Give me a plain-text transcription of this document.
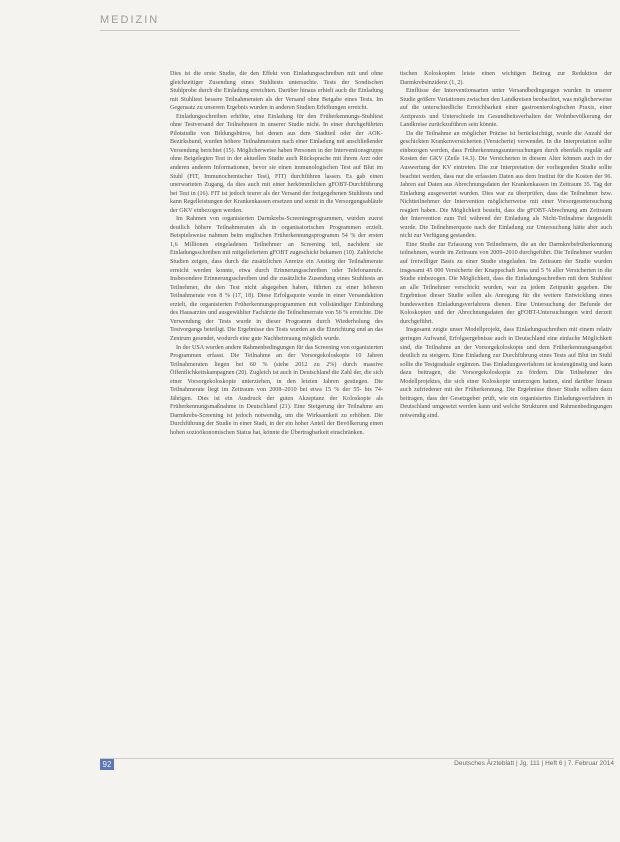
MEDIZIN

Dies ist die erste Studie, die den Effekt von Einladungsschreiben mit und ohne gleichzeitiger Zusendung eines Stuhltests untersuchte. Tests der Sondischen Stuhlprobe durch die Einladung erreichten. Darüber hinaus erhielt auch die Einladung mit Stuhltest bessere Teilnahmeraten als der Versand ohne Beigabe eines Tests. Im Gegensatz zu unserem Ergebnis wurden in anderen Studien Erhöhungen erreicht.

Einladungsschreiben erhöhte, eine Einladung für den Früherkennungs-Stuhltest ohne Testversand der Teilnehmern in unserer Studie nicht. In einer durchgeführten Pilotstudie von Bildungsbüros, bei denen aus dem Stadtteil oder der AOK-Bezirksbund, wurden höhere Teilnahmeraten nach einer Einladung mit anschließender Versendung berichtet (15). Möglicherweise haben Personen in der Interventionsgruppe ohne Beigelegten Test in der aktuellen Studie auch Rücksprache mit ihrem Arzt oder anderen anderen Informationen, bevor sie einen immunologischen Test auf Blut im Stuhl (FIT, Immunochemischer Test), FIT) durchführen lassen. Es gab einen unerwarteten Zugang, da dies auch mit einer herkömmlichen gFOBT-Durchführung bei Test in (16). FIT ist jedoch teurer als der Versand der freigegebenen Stuhltests und kann Regelleistungen der Krankenkassen ersetzen und somit in die Versorgungsabläufe der GKV einbezogen werden.

Im Rahmen von organisierten Darmkrebs-Screeningprogrammen, wurden zuerst deutlich höhere Teilnahmeraten als in organisatorischen Programmen erzielt. Beispielsweise nahmen beim englischen Früherkennungsprogramm 54 % der ersten 1,6 Millionen eingeladenen Teilnehmer an Screening teil, nachdem sie Einladungsschreiben mit mitgeliefertem gFOBT zugeschickt bekamen (10). Zahlreiche Studien zeigen, dass durch die zusätzlichen Anreize ein Anstieg der Teilnahmerate erreicht werden konnte, etwa durch Erinnerungsschreiben oder Telefonanrufe. Insbesondere Erinnerungsschreiben und die zusätzliche Zusendung eines Stuhltests an Teilnehmer, die den Test nicht abgegeben haben, führten zu einer höheren Teilnahmerate von 8 % (17, 18). Diese Erfolgsquote wurde in einer Versandaktion erzielt, die organisierten Früherkennungsprogrammen mit vollständiger Einbindung des Hausarztes und ausgewählter Fachärzte die Teilnehmerrate von 56 % erreichte. Die Verwendung der Tests wurde in dieser Programm durch Wiederholung des Testvorgangs beteiligt. Die Ergebnisse des Tests wurden an die Einrichtung und an das Zentrum gesendet, wodurch eine gute Nachbetreuung möglich wurde.

In der USA wurden andere Rahmenbedingungen für das Screening von organisierten Programmen erfasst. Die Teilnahme an der Vorsorgekoloskopie 10 Jahren Teilnahmeraten liegen bei 60 % (siehe 2012 zu 2%) durch massive Öffentlichkeitskampagnen (20). Zugleich ist auch in Deutschland die Zahl der, die sich einer Vorsorgekoloskopie unterziehen, in den letzten Jahren gestiegen. Die Teilnahmerate liegt im Zeitraum von 2008–2010 bei etwa 15 % der 55- bis 74-Jährigen. Dies ist ein Ausdruck der guten Akzeptanz der Koloskopie als Früherkennungsmaßnahme in Deutschland (21). Eine Steigerung der Teilnahme am Darmkrebs-Screening ist jedoch notwendig, um die Wirksamkeit zu erhöhen. Die Durchführung der Studie in einer Stadt, in der ein hoher Anteil der Bevölkerung einen hohen sozioökonomischen Status hat, könnte die Übertragbarkeit einschränken.

tischen Koloskopien leiste einen wichtigen Beitrag zur Reduktion der Darmkrebsinzidenz (1, 2).

Einflüsse der Interventionsarten unter Versandbedingungen wurden in unserer Studie größere Variationen zwischen den Landkreisen beobachtet, was möglicherweise auf die unterschiedliche Erreichbarkeit einer gastroenterologischen Praxis, einer Arztpraxis und Unterschiede im Gesundheitsverhalten der Wohnbevölkerung der Landkreise zurückzuführen sein könnte.

Da die Teilnahme an möglicher Präzise ist berücksichtigt, wurde die Anzahl der geschickten Krankenversicherten (Versicherte) verwendet. In die Interpretation sollte einbezogen werden, dass Früherkennungsuntersuchungen durch ebenfalls regulär auf Kosten der GKV (Zeile 14.3). Die Versicherten in diesem Alter können auch in der Auswertung der KV eintreten. Die zur Interpretation der vorliegenden Studie sollte beachtet werden, dass nur die erfassten Daten aus dem Institut für die Kosten der 96. Jahren auf Daten aus Abrechnungsdaten der Krankenkassen im Zeitraum 35. Tag der Einladung ausgewertet wurden. Dies war zu überprüfen, dass die Teilnehmer bzw. Nichtteilnehmer der Intervention möglicherweise mit einer Vorsorgeuntersuchung reagiert haben. Die Möglichkeit besteht, dass die gFOBT-Abrechnung am Zeitraum der Intervention zum Teil während der Einladung als Nicht-Teilnahme dargestellt wurde. Die Teilnehmerquote nach der Einladung zur Untersuchung hätte aber auch nicht zur Verfügung gestanden.

Eine Studie zur Erfassung von Teilnehmern, die an der Darmkrebsfrüherkennung teilnehmen, wurde im Zeitraum von 2009–2010 durchgeführt. Die Teilnehmer wurden auf freiwilliger Basis zu einer Studie eingeladen. Im Zeitraum der Studie wurden insgesamt 45 000 Versicherte der Knappschaft Jena und 5 % aller Versicherten in die Studie einbezogen. Die Möglichkeit, dass die Einladungsschreiben mit dem Stuhltest an alle Teilnehmer verschickt wurden, war zu jedem Zeitpunkt gegeben. Die Ergebnisse dieser Studie sollen als Anregung für die weitere Entwicklung eines bundesweiten Einladungsverfahrens dienen. Eine Untersuchung der Befunde der Koloskopien und der Abrechnungsdaten der gFOBT-Untersuchungen wird derzeit durchgeführt.

Insgesamt zeigte unser Modellprojekt, dass Einladungsschreiben mit einem relativ geringen Aufwand, Erfolgsergebnisse auch in Deutschland eine einfache Möglichkeit sind, die Teilnahme an der Vorsorgekoloskopie und dem Früherkennungsangebot deutlich zu steigern. Eine Einladung zur Durchführung eines Tests auf Blut im Stuhl sollte die Testgraduale ergänzen. Das Einladungsverfahren ist kostengünstig und kann dazu beitragen, die Vorsorgekoloskopie zu fördern. Die Teilnehmer des Modellprojektes, die sich einer Koloskopie unterzogen hatten, sind darüber hinaus auch zufriedener mit der Früherkennung. Die Ergebnisse dieser Studie sollten dazu beitragen, dass der Gesetzgeber prüft, wie ein organisiertes Einladungsverfahren in Deutschland umgesetzt werden kann und welche Strukturen und Rahmenbedingungen notwendig sind.

92	Deutsches Ärzteblatt | Jg. 111 | Heft 6 | 7. Februar 2014
